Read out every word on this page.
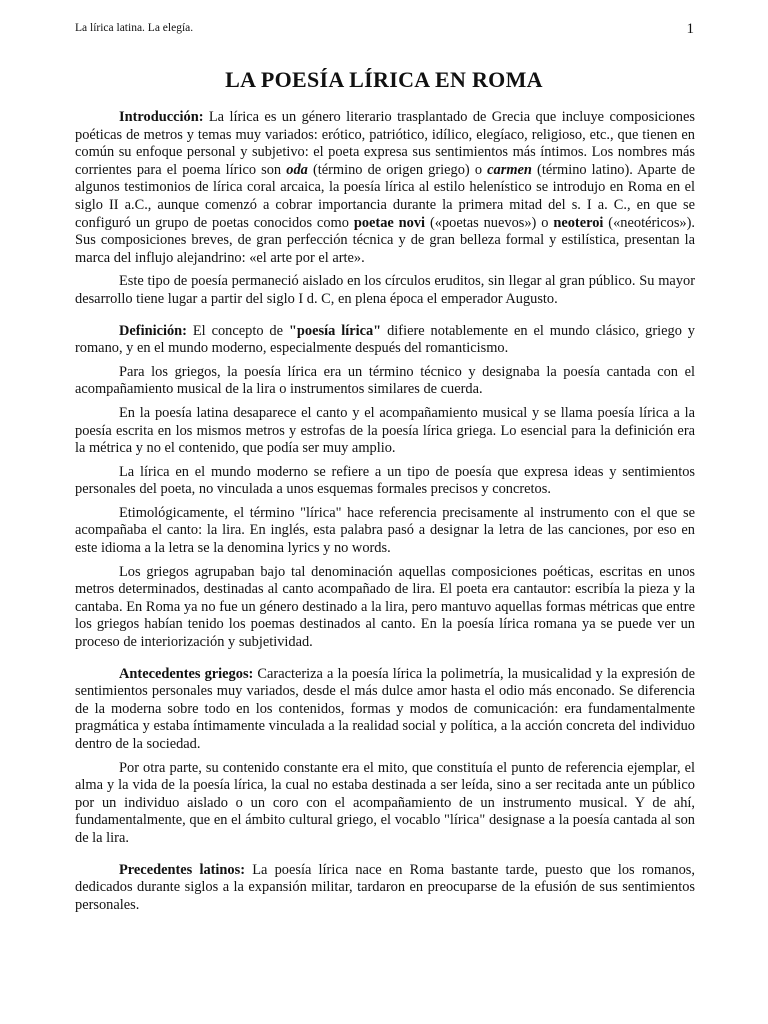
La lírica latina. La elegía.	1
LA POESÍA LÍRICA EN ROMA

Introducción: La lírica es un género literario trasplantado de Grecia que incluye composiciones poéticas de metros y temas muy variados: erótico, patriótico, idílico, elegíaco, religioso, etc., que tienen en común su enfoque personal y subjetivo: el poeta expresa sus sentimientos más íntimos. Los nombres más corrientes para el poema lírico son oda (término de origen griego) o carmen (término latino). Aparte de algunos testimonios de lírica coral arcaica, la poesía lírica al estilo helenístico se introdujo en Roma en el siglo II a.C., aunque comenzó a cobrar importancia durante la primera mitad del s. I a. C., en que se configuró un grupo de poetas conocidos como poetae novi («poetas nuevos») o neoteroi («neotéricos»). Sus composiciones breves, de gran perfección técnica y de gran belleza formal y estilística, presentan la marca del influjo alejandrino: «el arte por el arte».

Este tipo de poesía permaneció aislado en los círculos eruditos, sin llegar al gran público. Su mayor desarrollo tiene lugar a partir del siglo I d. C, en plena época el emperador Augusto.

Definición: El concepto de "poesía lírica" difiere notablemente en el mundo clásico, griego y romano, y en el mundo moderno, especialmente después del romanticismo.

Para los griegos, la poesía lírica era un término técnico y designaba la poesía cantada con el acompañamiento musical de la lira o instrumentos similares de cuerda.

En la poesía latina desaparece el canto y el acompañamiento musical y se llama poesía lírica a la poesía escrita en los mismos metros y estrofas de la poesía lírica griega. Lo esencial para la definición era la métrica y no el contenido, que podía ser muy amplio.

La lírica en el mundo moderno se refiere a un tipo de poesía que expresa ideas y sentimientos personales del poeta, no vinculada a unos esquemas formales precisos y concretos.

Etimológicamente, el término "lírica" hace referencia precisamente al instrumento con el que se acompañaba el canto: la lira. En inglés, esta palabra pasó a designar la letra de las canciones, por eso en este idioma a la letra se la denomina lyrics y no words.

Los griegos agrupaban bajo tal denominación aquellas composiciones poéticas, escritas en unos metros determinados, destinadas al canto acompañado de lira. El poeta era cantautor: escribía la pieza y la cantaba. En Roma ya no fue un género destinado a la lira, pero mantuvo aquellas formas métricas que entre los griegos habían tenido los poemas destinados al canto. En la poesía lírica romana ya se puede ver un proceso de interiorización y subjetividad.

Antecedentes griegos: Caracteriza a la poesía lírica la polimetría, la musicalidad y la expresión de sentimientos personales muy variados, desde el más dulce amor hasta el odio más enconado. Se diferencia de la moderna sobre todo en los contenidos, formas y modos de comunicación: era fundamentalmente pragmática y estaba íntimamente vinculada a la realidad social y política, a la acción concreta del individuo dentro de la sociedad.

Por otra parte, su contenido constante era el mito, que constituía el punto de referencia ejemplar, el alma y la vida de la poesía lírica, la cual no estaba destinada a ser leída, sino a ser recitada ante un público por un individuo aislado o un coro con el acompañamiento de un instrumento musical. Y de ahí, fundamentalmente, que en el ámbito cultural griego, el vocablo "lírica" designase a la poesía cantada al son de la lira.

Precedentes latinos: La poesía lírica nace en Roma bastante tarde, puesto que los romanos, dedicados durante siglos a la expansión militar, tardaron en preocuparse de la efusión de sus sentimientos personales.
